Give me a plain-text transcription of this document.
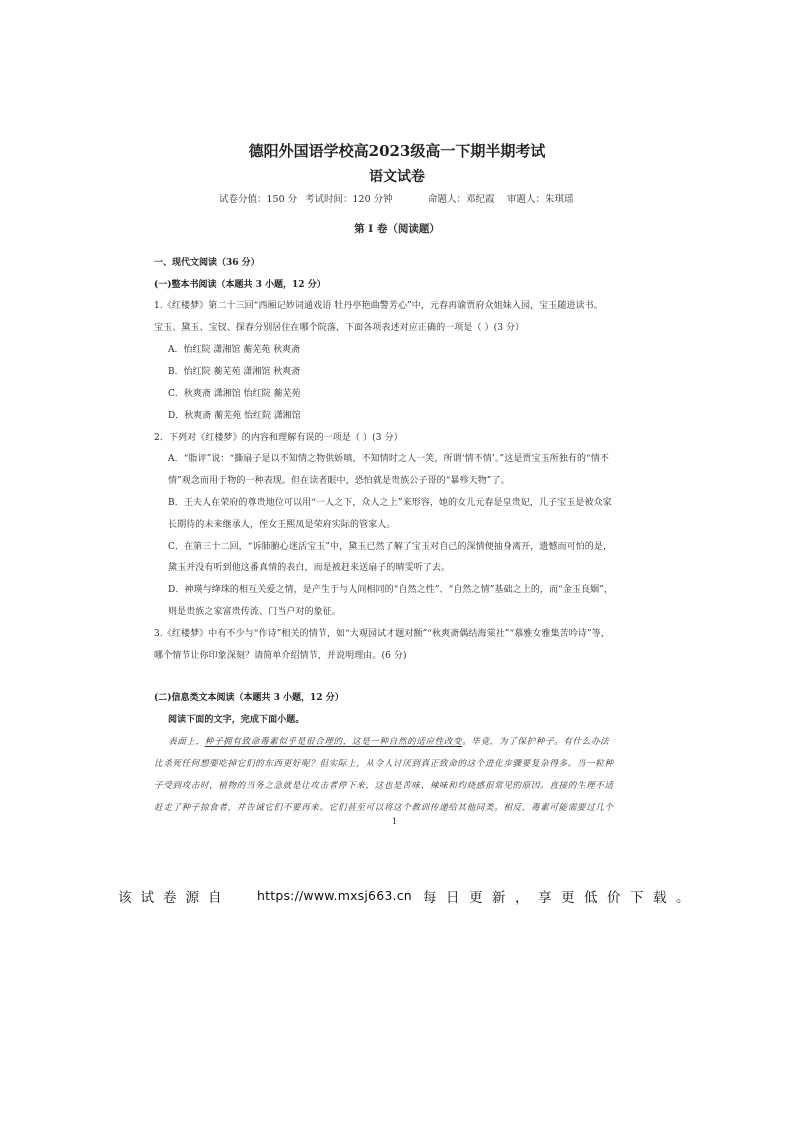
德阳外国语学校高2023级高一下期半期考试
语文试卷
试卷分值：150 分 考试时间：120 分钟	命题人：邓纪霞 审题人：朱琪瑶
第 I 卷（阅读题）
一、现代文阅读（36 分）
(一)整本书阅读（本题共 3 小题，12 分）
1.《红楼梦》第二十三回“西厢记妙词通戏语 牡丹亭艳曲警芳心”中，元春再谕贾府众姐妹入园，宝玉随进读书。
宝玉、黛玉、宝钗、探春分别居住在哪个院落，下面各项表述对应正确的一项是（ ）(3 分）
A．怡红院 潇湘馆 蘅芜苑 秋爽斋
B．怡红院 蘅芜苑 潇湘馆 秋爽斋
C．秋爽斋 潇湘馆 怡红院 蘅芜苑
D．秋爽斋 蘅芜苑 怡红院 潇湘馆
2．下列对《红楼梦》的内容和理解有误的一项是（ ）(3 分）
A．“脂评”说：“撕扇子是以不知情之物供娇嗔，不知情时之人一笑，所谓‘情不情’。”这是贾宝玉所独有的“情不
情”观念而用于物的一种表现。但在读者眼中，恐怕就是贵族公子哥的“暴殄天物”了。
B．王夫人在荣府的尊贵地位可以用“一人之下，众人之上”来形容，她的女儿元春是皇贵妃，儿子宝玉是被众家
长期待的未来继承人，侄女王熙凤是荣府实际的管家人。
C．在第三十二回，“诉肺腑心迷活宝玉”中，黛玉已然了解了宝玉对自己的深情便抽身离开，遗憾而可怕的是，
黛玉并没有听到他这番真情的表白，而是被赶来送扇子的晴雯听了去。
D．神瑛与绛珠的相互关爱之情，是产生于与人间相同的“自然之性”、“自然之情”基础之上的，而“金玉良姻”，
则是贵族之家富贵传流、门当户对的象征。
3.《红楼梦》中有不少与“作诗”相关的情节，如“大观园试才题对额”“秋爽斋偶结海棠社”“慕雅女雅集苦吟诗”等，
哪个情节让你印象深刻？请简单介绍情节，并说明理由。(6 分)
(二)信息类文本阅读（本题共 3 小题，12 分）
阅读下面的文字，完成下面小题。
表面上，种子拥有致命毒素似乎是很合理的，这是一种自然的适应性改变。毕竟，为了保护种子。有什么办法
比杀死任何想要吃掉它们的东西更好呢？但实际上，从令人讨厌到真正致命的这个进化步骤要复杂得多。当一粒种
子受到攻击时，植物的当务之急就是让攻击者停下来，这也是苦味、辣味和灼烧感很常见的原因。直接的生理不适
赶走了种子掠食者，并告诫它们不要再来。它们甚至可以将这个教训传递给其他同类。相反，毒素可能需要过几个
1
该试卷源自 https://www.mxsj663.cn 每日更新，享更低价下载。
